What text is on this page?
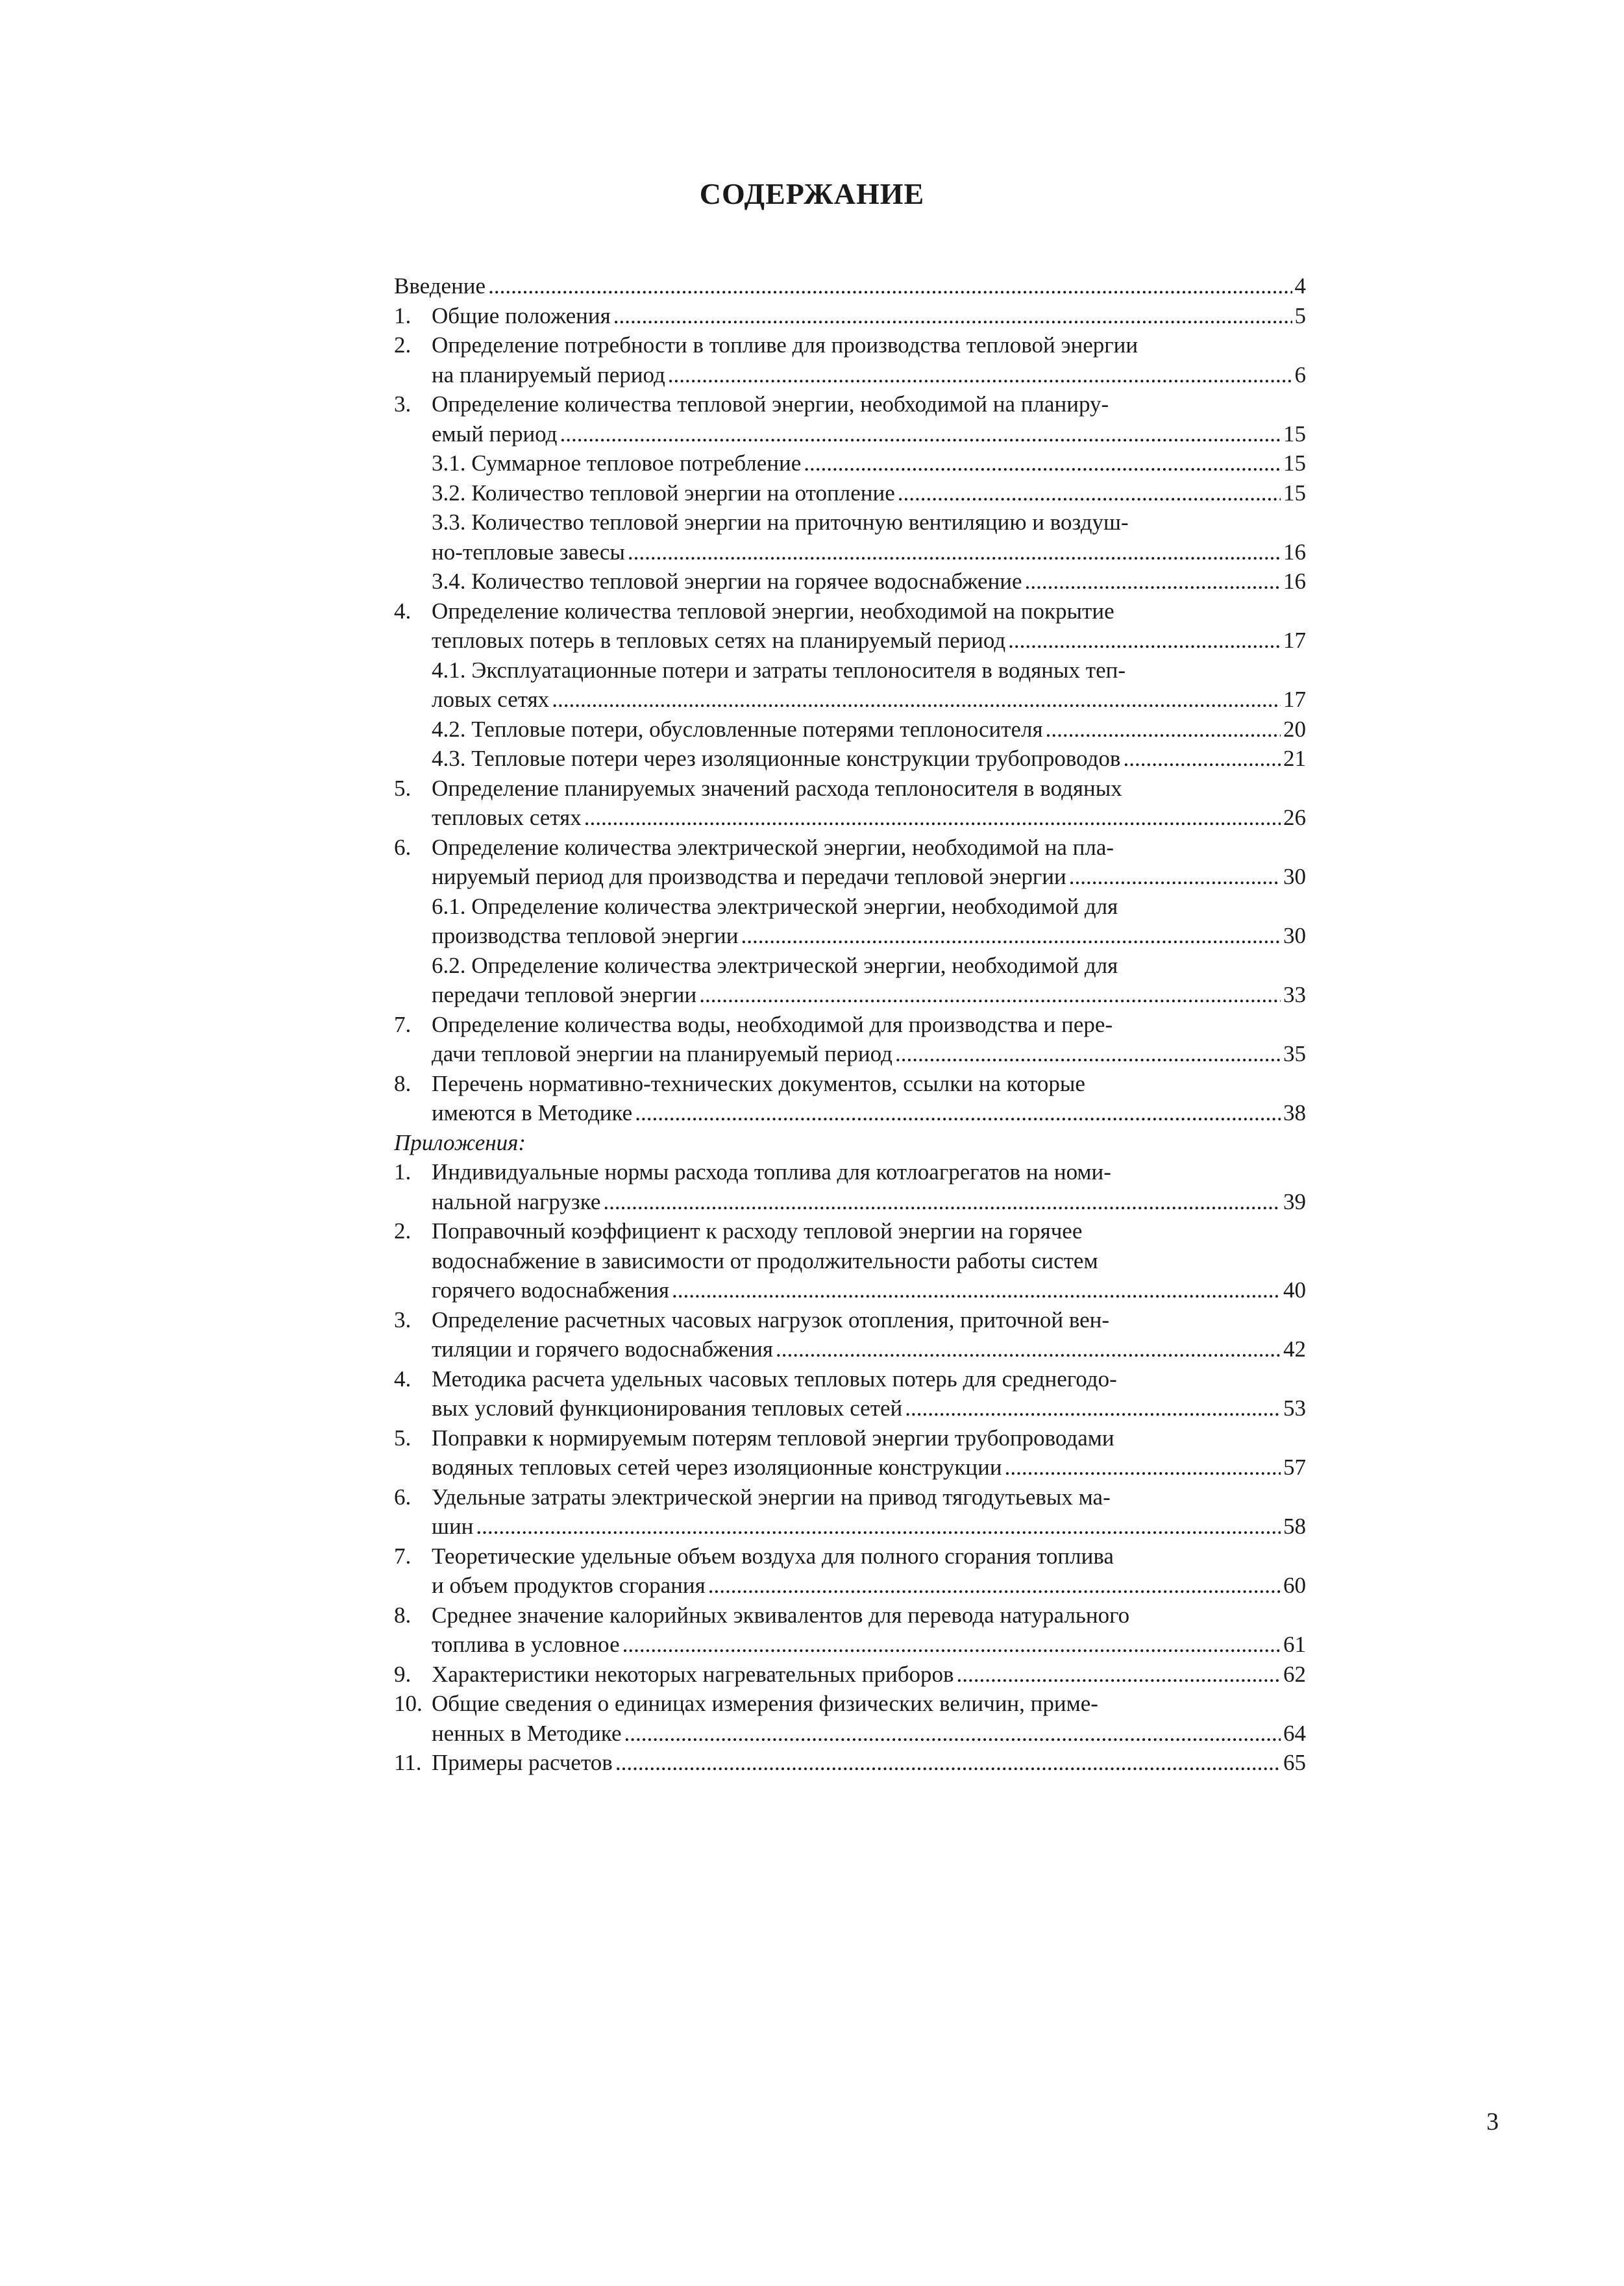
СОДЕРЖАНИЕ
Введение .....	4
1. Общие положения .....	5
2. Определение потребности в топливе для производства тепловой энергии
на планируемый период .....	6
3. Определение количества тепловой энергии, необходимой на планиру-
емый период .....	15
3.1. Суммарное тепловое потребление .....	15
3.2. Количество тепловой энергии на отопление .....	15
3.3. Количество тепловой энергии на приточную вентиляцию и воздуш-
но-тепловые завесы .....	16
3.4. Количество тепловой энергии на горячее водоснабжение .....	16
4. Определение количества тепловой энергии, необходимой на покрытие
тепловых потерь в тепловых сетях на планируемый период .....	17
4.1. Эксплуатационные потери и затраты теплоносителя в водяных теп-
ловых сетях .....	17
4.2. Тепловые потери, обусловленные потерями теплоносителя .....	20
4.3. Тепловые потери через изоляционные конструкции трубопроводов .....	21
5. Определение планируемых значений расхода теплоносителя в водяных
тепловых сетях .....	26
6. Определение количества электрической энергии, необходимой на пла-
нируемый период для производства и передачи тепловой энергии .....	30
6.1. Определение количества электрической энергии, необходимой для
производства тепловой энергии .....	30
6.2. Определение количества электрической энергии, необходимой для
передачи тепловой энергии .....	33
7. Определение количества воды, необходимой для производства и пере-
дачи тепловой энергии на планируемый период .....	35
8. Перечень нормативно-технических документов, ссылки на которые
имеются в Методике .....	38
Приложения:
1. Индивидуальные нормы расхода топлива для котлоагрегатов на номи-
нальной нагрузке .....	39
2. Поправочный коэффициент к расходу тепловой энергии на горячее
водоснабжение в зависимости от продолжительности работы систем
горячего водоснабжения .....	40
3. Определение расчетных часовых нагрузок отопления, приточной вен-
тиляции и горячего водоснабжения .....	42
4. Методика расчета удельных часовых тепловых потерь для среднегодо-
вых условий функционирования тепловых сетей .....	53
5. Поправки к нормируемым потерям тепловой энергии трубопроводами
водяных тепловых сетей через изоляционные конструкции .....	57
6. Удельные затраты электрической энергии на привод тягодутьевых ма-
шин .....	58
7. Теоретические удельные объем воздуха для полного сгорания топлива
и объем продуктов сгорания .....	60
8. Среднее значение калорийных эквивалентов для перевода натурального
топлива в условное .....	61
9. Характеристики некоторых нагревательных приборов .....	62
10. Общие сведения о единицах измерения физических величин, приме-
ненных в Методике .....	64
11. Примеры расчетов .....	65
3
